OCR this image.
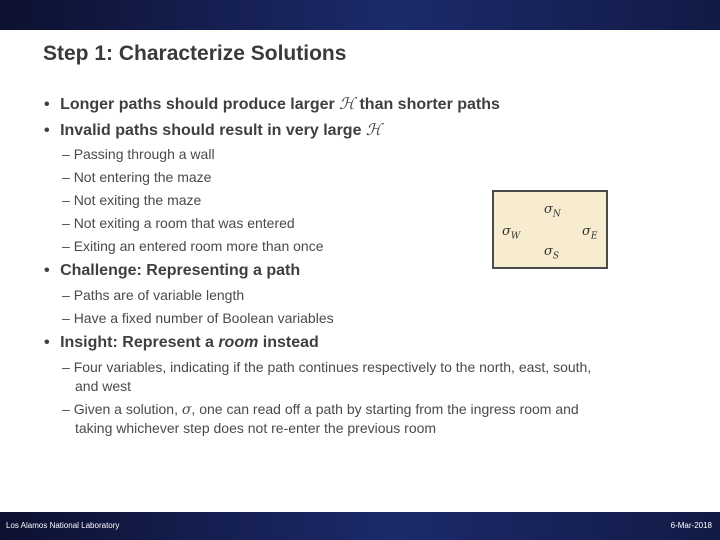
Step 1: Characterize Solutions
• Longer paths should produce larger ℋ than shorter paths
• Invalid paths should result in very large ℋ
– Passing through a wall
– Not entering the maze
– Not exiting the maze
– Not exiting a room that was entered
– Exiting an entered room more than once
• Challenge: Representing a path
– Paths are of variable length
– Have a fixed number of Boolean variables
• Insight: Represent a room instead
– Four variables, indicating if the path continues respectively to the north, east, south,
and west
– Given a solution, σ, one can read off a path by starting from the ingress room and
taking whichever step does not re-enter the previous room
$\sigma_N$
$\sigma_E$
$\sigma_S$
$\sigma_W$
Los Alamos National Laboratory	6-Mar-2018
